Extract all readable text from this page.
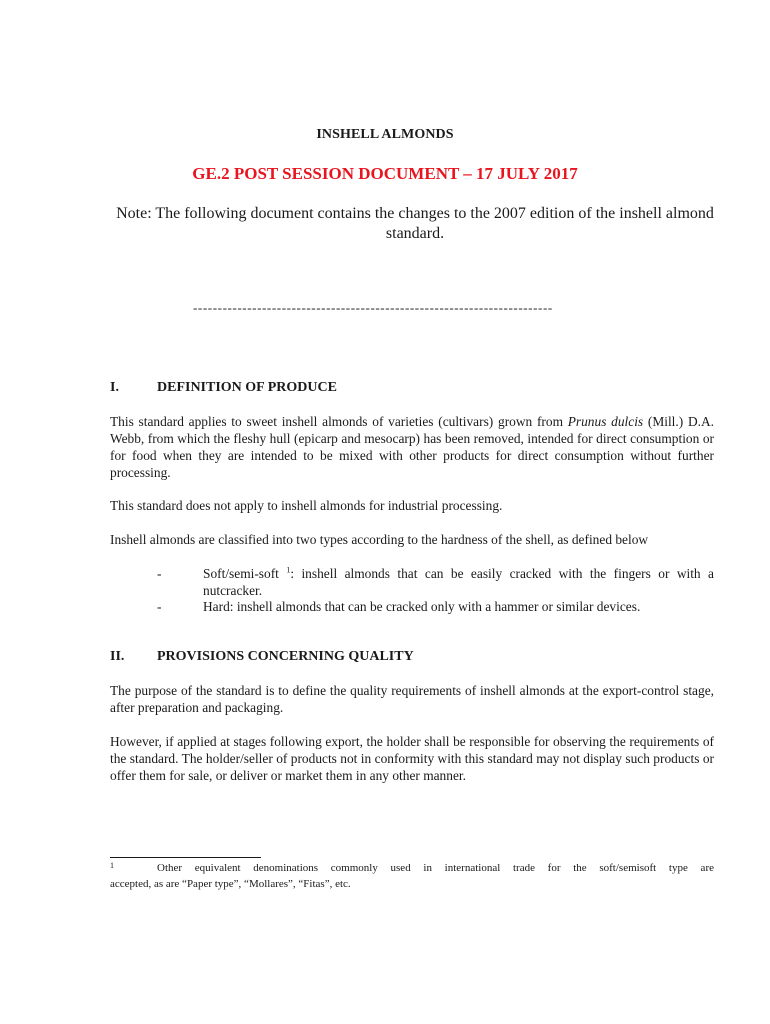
INSHELL ALMONDS
GE.2 POST SESSION DOCUMENT – 17 JULY 2017
Note: The following document contains the changes to the 2007 edition of the inshell almond standard.
-------------------------------------------------------------------------
I.	DEFINITION OF PRODUCE
This standard applies to sweet inshell almonds of varieties (cultivars) grown from Prunus dulcis (Mill.) D.A. Webb, from which the fleshy hull (epicarp and mesocarp) has been removed, intended for direct consumption or for food when they are intended to be mixed with other products for direct consumption without further processing.
This standard does not apply to inshell almonds for industrial processing.
Inshell almonds are classified into two types according to the hardness of the shell, as defined below
-	Soft/semi-soft $^1$: inshell almonds that can be easily cracked with the fingers or with a nutcracker.
-	Hard: inshell almonds that can be cracked only with a hammer or similar devices.
II. PROVISIONS CONCERNING QUALITY
The purpose of the standard is to define the quality requirements of inshell almonds at the export-control stage, after preparation and packaging.
However, if applied at stages following export, the holder shall be responsible for observing the requirements of the standard. The holder/seller of products not in conformity with this standard may not display such products or offer them for sale, or deliver or market them in any other manner.
1	Other equivalent denominations commonly used in international trade for the soft/semisoft type are
accepted, as are “Paper type”, “Mollares”, “Fitas”, etc.
